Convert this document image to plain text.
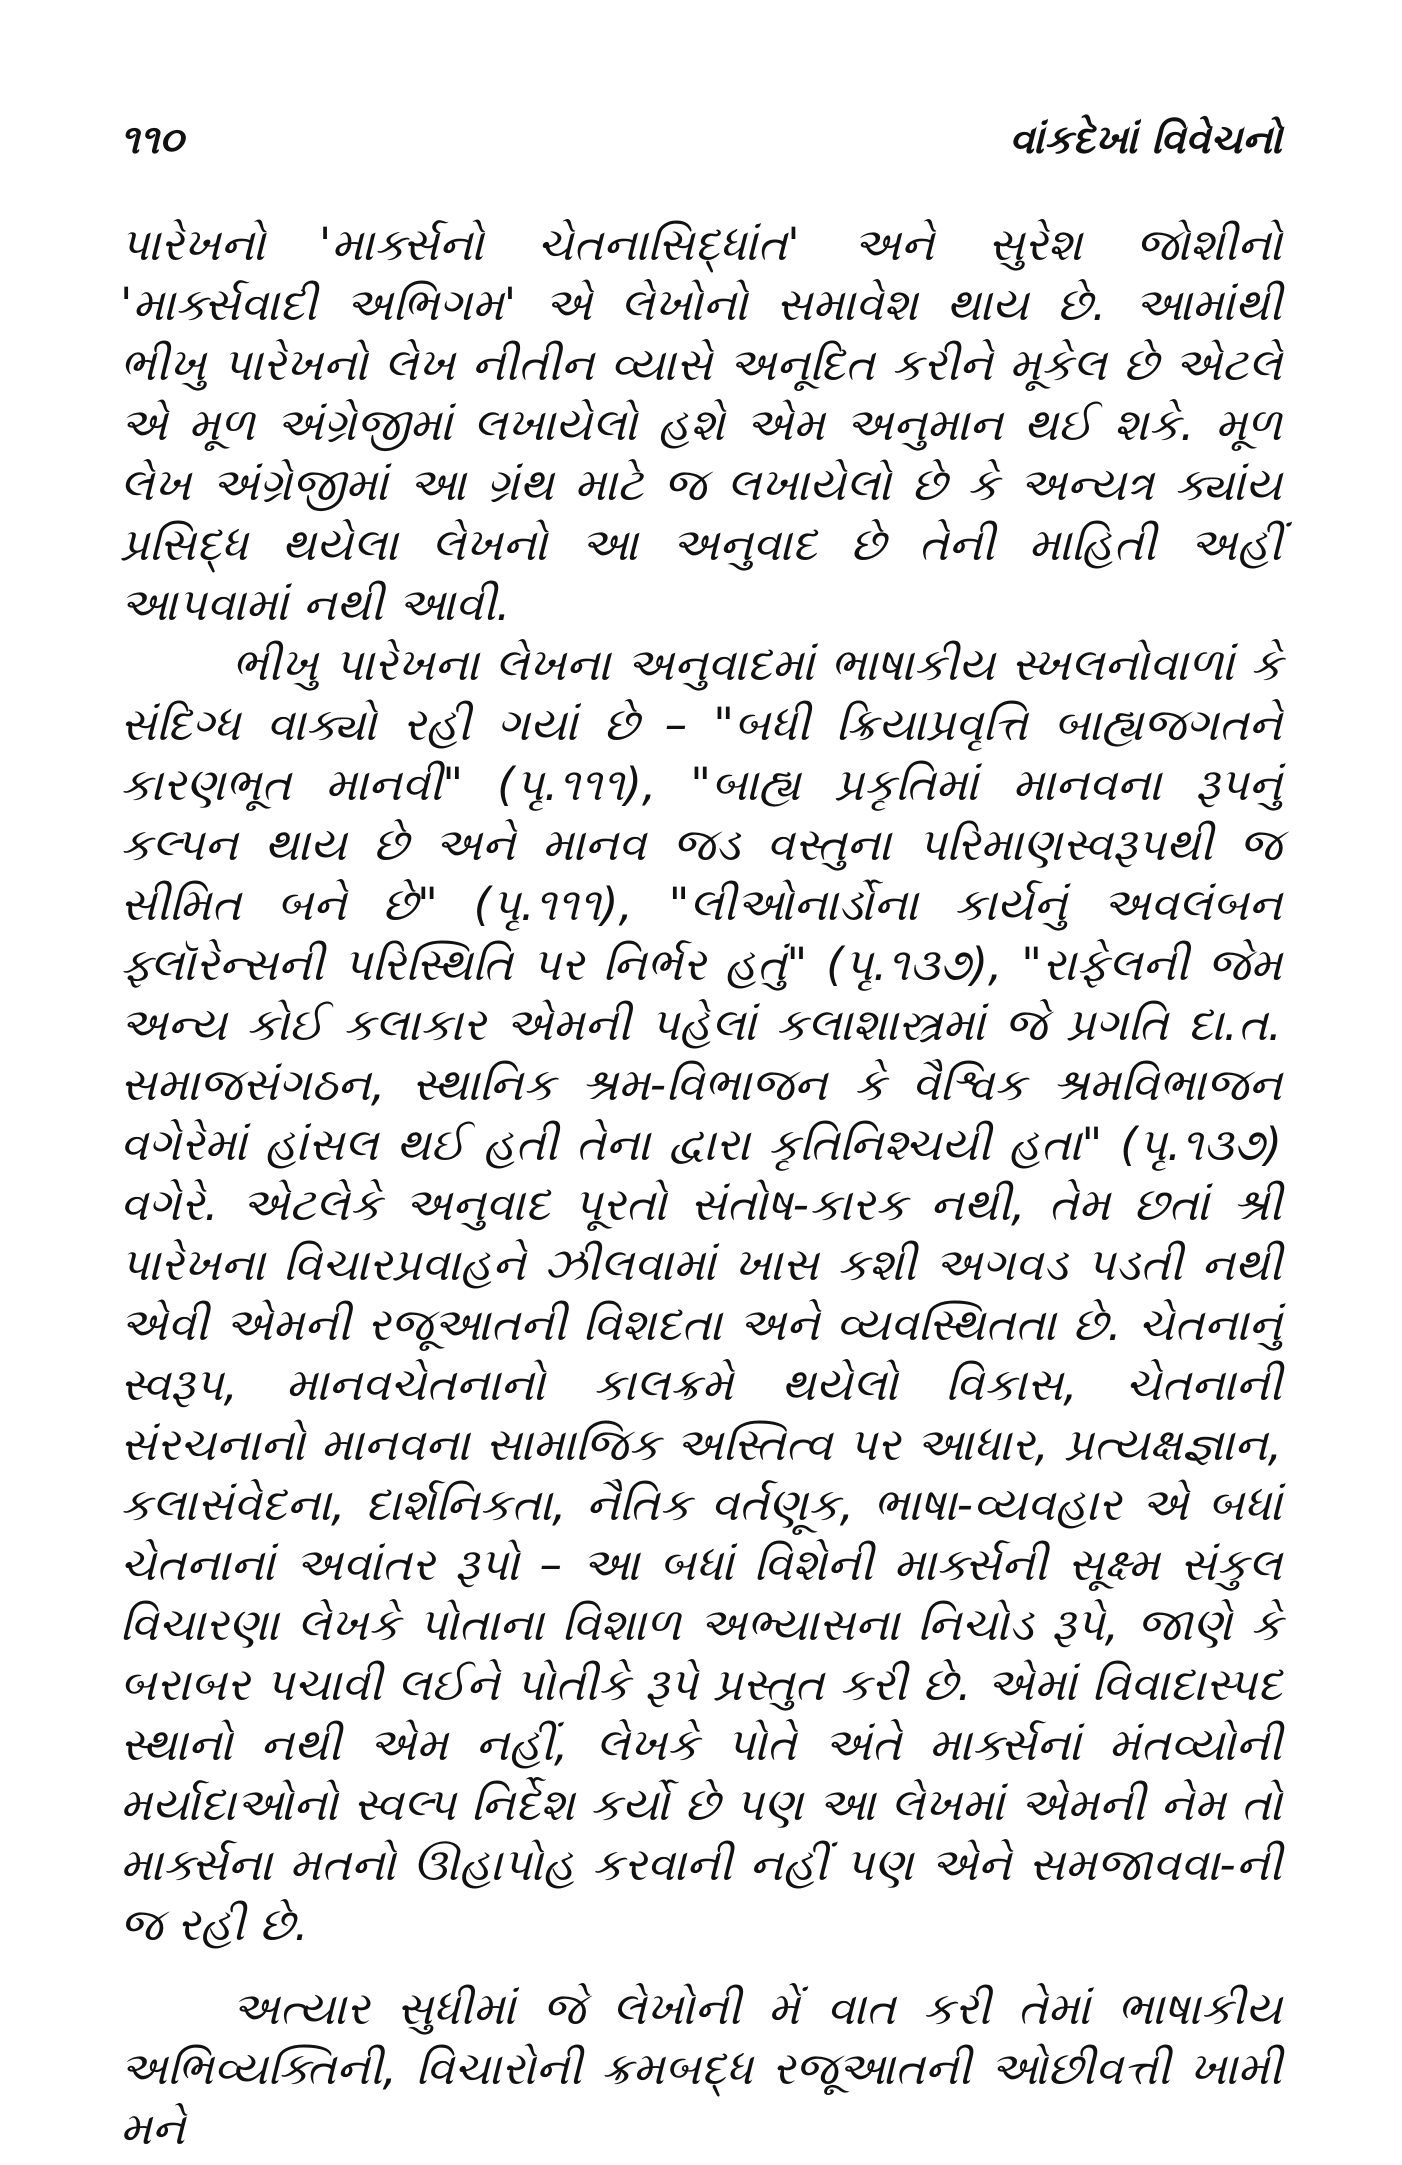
૧૧૦	વાંકદેખાં વિવેચનો

પારેખનો 'માર્ક્સનો ચેતનાસિદ્ધાંત' અને સુરેશ જોશીનો 'માર્ક્સવાદી અભિગમ' એ લેખોનો સમાવેશ થાય છે. આમાંથી ભીખુ પારેખનો લેખ નીતીન વ્યાસે અનૂદિત કરીને મૂકેલ છે એટલે એ મૂળ અંગ્રેજીમાં લખાયેલો હશે એમ અનુમાન થઈ શકે. મૂળ લેખ અંગ્રેજીમાં આ ગ્રંથ માટે જ લખાયેલો છે કે અન્યત્ર ક્યાંય પ્રસિદ્ધ થયેલા લેખનો આ અનુવાદ છે તેની માહિતી અહીં આપવામાં નથી આવી.

ભીખુ પારેખના લેખના અનુવાદમાં ભાષાકીય સ્ખલનોવાળાં કે સંદિગ્ધ વાક્યો રહી ગયાં છે – "બધી ક્રિયાપ્રવૃત્તિ બાહ્યજગતને કારણભૂત માનવી" (પૃ.૧૧૧), "બાહ્ય પ્રકૃતિમાં માનવના રૂપનું કલ્પન થાય છે અને માનવ જડ વસ્તુના પરિમાણસ્વરૂપથી જ સીમિત બને છે" (પૃ.૧૧૧), "લીઓનાર્ડોના કાર્યનું અવલંબન ફ્લૉરેન્સની પરિસ્થિતિ પર નિર્ભર હતું" (પૃ.૧૩૭), "રાફેલની જેમ અન્ય કોઈ કલાકાર એમની પહેલાં કલાશાસ્ત્રમાં જે પ્રગતિ દા.ત. સમાજસંગઠન, સ્થાનિક શ્રમ-વિભાજન કે વૈશ્વિક શ્રમવિભાજન વગેરેમાં હાંસલ થઈ હતી તેના દ્વારા કૃતિનિશ્ચયી હતા" (પૃ.૧૩૭) વગેરે. એટલેકે અનુવાદ પૂરતો સંતોષ-કારક નથી, તેમ છતાં શ્રી પારેખના વિચારપ્રવાહને ઝીલવામાં ખાસ કશી અગવડ પડતી નથી એવી એમની રજૂઆતની વિશદતા અને વ્યવસ્થિતતા છે. ચેતનાનું સ્વરૂપ, માનવચેતનાનો કાલક્રમે થયેલો વિકાસ, ચેતનાની સંરચનાનો માનવના સામાજિક અસ્તિત્વ પર આધાર, પ્રત્યક્ષજ્ઞાન, કલાસંવેદના, દાર્શનિકતા, નૈતિક વર્તણૂક, ભાષા-વ્યવહાર એ બધાં ચેતનાનાં અવાંતર રૂપો – આ બધાં વિશેની માર્ક્સની સૂક્ષ્મ સંકુલ વિચારણા લેખકે પોતાના વિશાળ અભ્યાસના નિચોડ રૂપે, જાણે કે બરાબર પચાવી લઈને પોતીકે રૂપે પ્રસ્તુત કરી છે. એમાં વિવાદાસ્પદ સ્થાનો નથી એમ નહીં, લેખકે પોતે અંતે માર્ક્સનાં મંતવ્યોની મર્યાદાઓનો સ્વલ્પ નિર્દેશ કર્યો છે પણ આ લેખમાં એમની નેમ તો માર્ક્સના મતનો ઊહાપોહ કરવાની નહીં પણ એને સમજાવવા-ની જ રહી છે.

અત્યાર સુધીમાં જે લેખોની મેં વાત કરી તેમાં ભાષાકીય અભિવ્યક્તિની, વિચારોની ક્રમબદ્ધ રજૂઆતની ઓછીવત્તી ખામી મને
